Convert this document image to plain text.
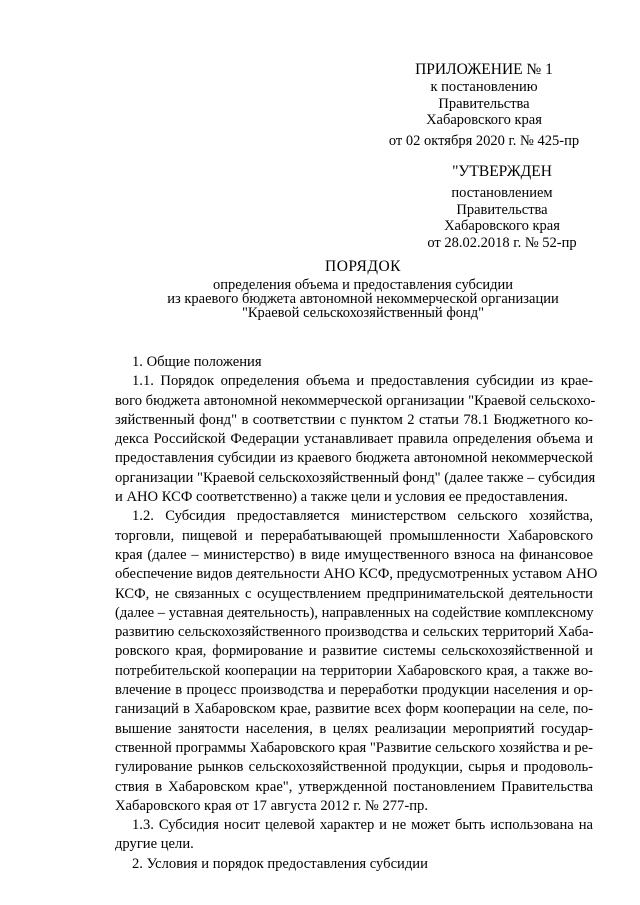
ПРИЛОЖЕНИЕ № 1
к постановлению
Правительства
Хабаровского края
от 02 октября 2020 г. № 425-пр
"УТВЕРЖДЕН
постановлением
Правительства
Хабаровского края
от 28.02.2018 г. № 52-пр
ПОРЯДОК
определения объема и предоставления субсидии
из краевого бюджета автономной некоммерческой организации
"Краевой сельскохозяйственный фонд"
1. Общие положения
1.1. Порядок определения объема и предоставления субсидии из крае-
вого бюджета автономной некоммерческой организации "Краевой сельскохо-
зяйственный фонд" в соответствии с пунктом 2 статьи 78.1 Бюджетного ко-
декса Российской Федерации устанавливает правила определения объема и
предоставления субсидии из краевого бюджета автономной некоммерческой
организации "Краевой сельскохозяйственный фонд" (далее также – субсидия
и АНО КСФ соответственно) а также цели и условия ее предоставления.
1.2. Субсидия предоставляется министерством сельского хозяйства,
торговли, пищевой и перерабатывающей промышленности Хабаровского
края (далее – министерство) в виде имущественного взноса на финансовое
обеспечение видов деятельности АНО КСФ, предусмотренных уставом АНО
КСФ, не связанных с осуществлением предпринимательской деятельности
(далее – уставная деятельность), направленных на содействие комплексному
развитию сельскохозяйственного производства и сельских территорий Хаба-
ровского края, формирование и развитие системы сельскохозяйственной и
потребительской кооперации на территории Хабаровского края, а также во-
влечение в процесс производства и переработки продукции населения и ор-
ганизаций в Хабаровском крае, развитие всех форм кооперации на селе, по-
вышение занятости населения, в целях реализации мероприятий государ-
ственной программы Хабаровского края "Развитие сельского хозяйства и ре-
гулирование рынков сельскохозяйственной продукции, сырья и продоволь-
ствия в Хабаровском крае", утвержденной постановлением Правительства
Хабаровского края от 17 августа 2012 г. № 277-пр.
1.3. Субсидия носит целевой характер и не может быть использована на
другие цели.
2. Условия и порядок предоставления субсидии
